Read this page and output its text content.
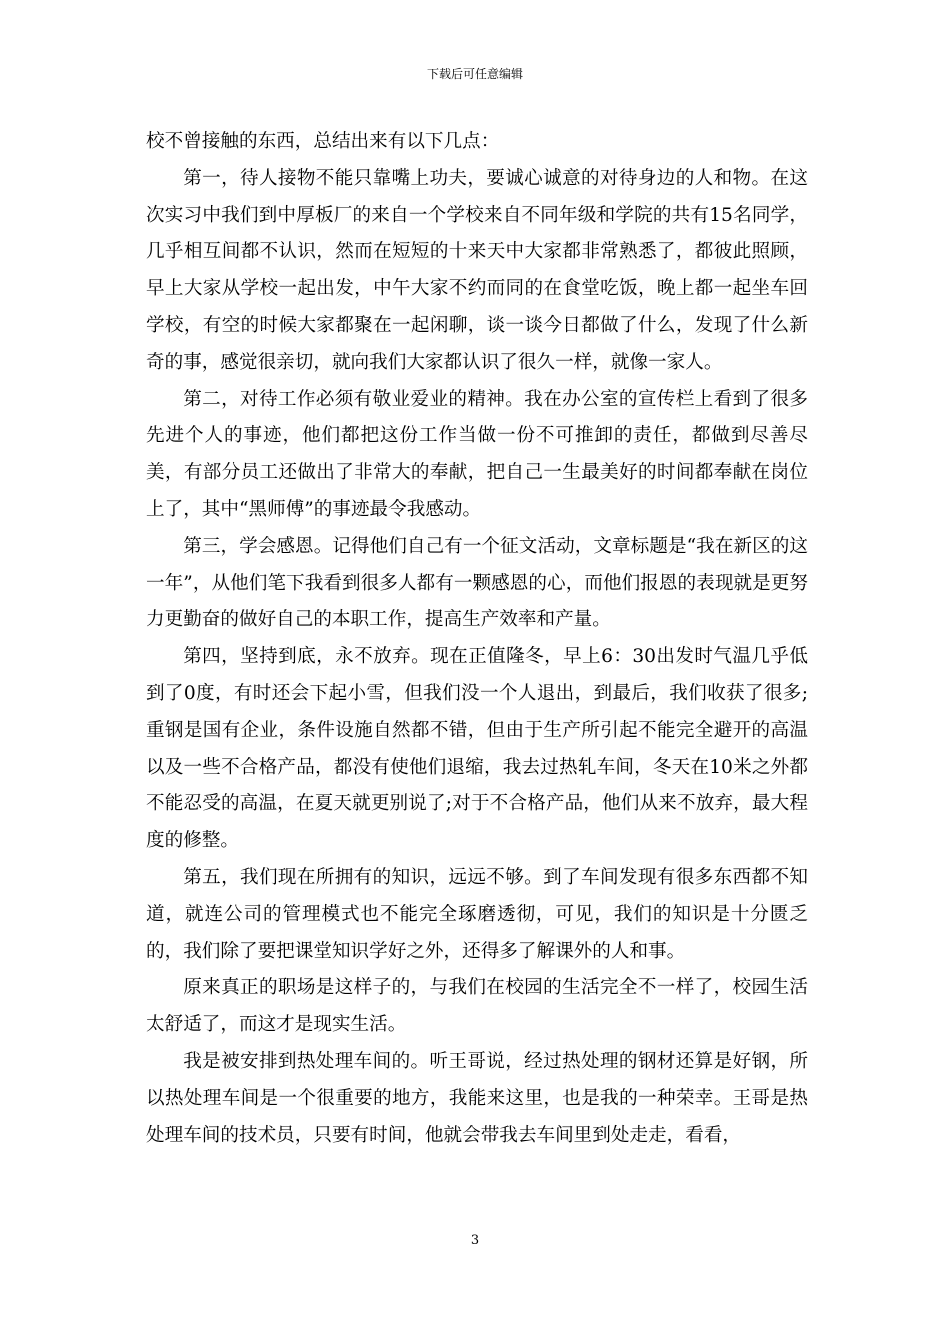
下载后可任意编辑

校不曾接触的东西，总结出来有以下几点：

第一，待人接物不能只靠嘴上功夫，要诚心诚意的对待身边的人和物。在这次实习中我们到中厚板厂的来自一个学校来自不同年级和学院的共有15名同学，几乎相互间都不认识，然而在短短的十来天中大家都非常熟悉了，都彼此照顾，早上大家从学校一起出发，中午大家不约而同的在食堂吃饭，晚上都一起坐车回学校，有空的时候大家都聚在一起闲聊，谈一谈今日都做了什么，发现了什么新奇的事，感觉很亲切，就向我们大家都认识了很久一样，就像一家人。

第二，对待工作必须有敬业爱业的精神。我在办公室的宣传栏上看到了很多先进个人的事迹，他们都把这份工作当做一份不可推卸的责任，都做到尽善尽美，有部分员工还做出了非常大的奉献，把自己一生最美好的时间都奉献在岗位上了，其中“黑师傅”的事迹最令我感动。

第三，学会感恩。记得他们自己有一个征文活动，文章标题是“我在新区的这一年”，从他们笔下我看到很多人都有一颗感恩的心，而他们报恩的表现就是更努力更勤奋的做好自己的本职工作，提高生产效率和产量。

第四，坚持到底，永不放弃。现在正值隆冬，早上6：30出发时气温几乎低到了0度，有时还会下起小雪，但我们没一个人退出，到最后，我们收获了很多;重钢是国有企业，条件设施自然都不错，但由于生产所引起不能完全避开的高温以及一些不合格产品，都没有使他们退缩，我去过热轧车间，冬天在10米之外都不能忍受的高温，在夏天就更别说了;对于不合格产品，他们从来不放弃，最大程度的修整。

第五，我们现在所拥有的知识，远远不够。到了车间发现有很多东西都不知道，就连公司的管理模式也不能完全琢磨透彻，可见，我们的知识是十分匮乏的，我们除了要把课堂知识学好之外，还得多了解课外的人和事。

原来真正的职场是这样子的，与我们在校园的生活完全不一样了，校园生活太舒适了，而这才是现实生活。

我是被安排到热处理车间的。听王哥说，经过热处理的钢材还算是好钢，所以热处理车间是一个很重要的地方，我能来这里，也是我的一种荣幸。王哥是热处理车间的技术员，只要有时间，他就会带我去车间里到处走走，看看，

3
